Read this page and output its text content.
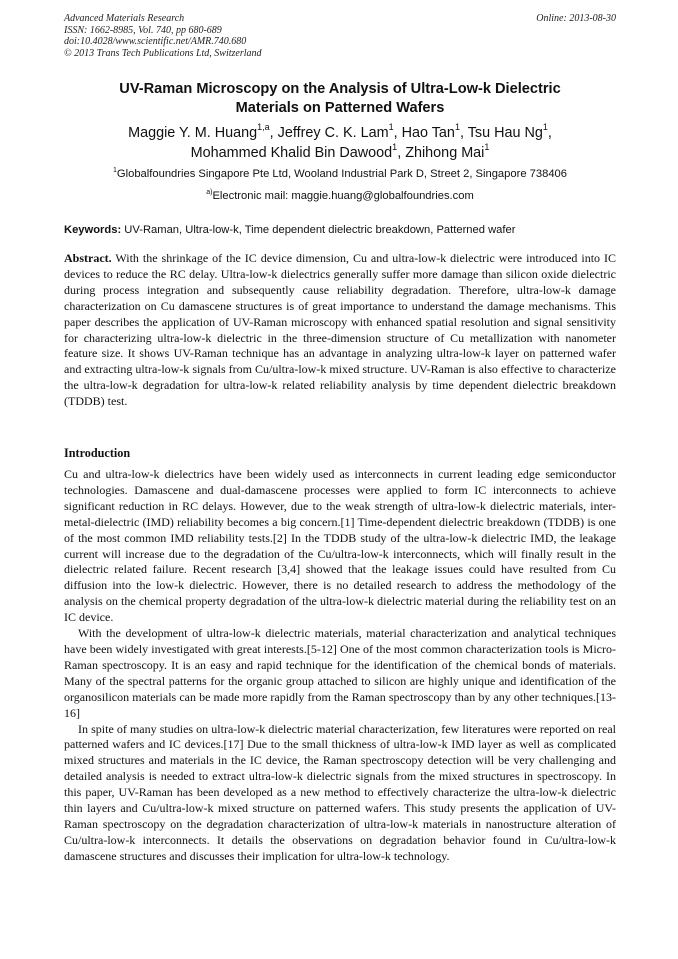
Advanced Materials Research
ISSN: 1662-8985, Vol. 740, pp 680-689
doi:10.4028/www.scientific.net/AMR.740.680
© 2013 Trans Tech Publications Ltd, Switzerland
Online: 2013-08-30
UV-Raman Microscopy on the Analysis of Ultra-Low-k Dielectric
Materials on Patterned Wafers
Maggie Y. M. Huang$^{1,a}$, Jeffrey C. K. Lam$^1$, Hao Tan$^1$, Tsu Hau Ng$^1$,
Mohammed Khalid Bin Dawood$^1$, Zhihong Mai$^1$
$^1$Globalfoundries Singapore Pte Ltd, Wooland Industrial Park D, Street 2, Singapore 738406
$^{a)}$Electronic mail: maggie.huang@globalfoundries.com
Keywords: UV-Raman, Ultra-low-k, Time dependent dielectric breakdown, Patterned wafer
Abstract. With the shrinkage of the IC device dimension, Cu and ultra-low-k dielectric were introduced into IC devices to reduce the RC delay. Ultra-low-k dielectrics generally suffer more damage than silicon oxide dielectric during process integration and subsequently cause reliability degradation. Therefore, ultra-low-k damage characterization on Cu damascene structures is of great importance to understand the damage mechanisms. This paper describes the application of UV-Raman microscopy with enhanced spatial resolution and signal sensitivity for characterizing ultra-low-k dielectric in the three-dimension structure of Cu metallization with nanometer feature size. It shows UV-Raman technique has an advantage in analyzing ultra-low-k layer on patterned wafer and extracting ultra-low-k signals from Cu/ultra-low-k mixed structure. UV-Raman is also effective to characterize the ultra-low-k degradation for ultra-low-k related reliability analysis by time dependent dielectric breakdown (TDDB) test.
Introduction

Cu and ultra-low-k dielectrics have been widely used as interconnects in current leading edge semiconductor technologies. Damascene and dual-damascene processes were applied to form IC interconnects to achieve significant reduction in RC delays. However, due to the weak strength of ultra-low-k dielectric materials, inter-metal-dielectric (IMD) reliability becomes a big concern.[1] Time-dependent dielectric breakdown (TDDB) is one of the most common IMD reliability tests.[2] In the TDDB study of the ultra-low-k dielectric IMD, the leakage current will increase due to the degradation of the Cu/ultra-low-k interconnects, which will finally result in the dielectric related failure. Recent research [3,4] showed that the leakage issues could have resulted from Cu diffusion into the low-k dielectric. However, there is no detailed research to address the methodology of the analysis on the chemical property degradation of the ultra-low-k dielectric material during the reliability test on an IC device.

With the development of ultra-low-k dielectric materials, material characterization and analytical techniques have been widely investigated with great interests.[5-12] One of the most common characterization tools is Micro-Raman spectroscopy. It is an easy and rapid technique for the identification of the chemical bonds of materials. Many of the spectral patterns for the organic group attached to silicon are highly unique and identification of the organosilicon materials can be made more rapidly from the Raman spectroscopy than by any other techniques.[13-16]

In spite of many studies on ultra-low-k dielectric material characterization, few literatures were reported on real patterned wafers and IC devices.[17] Due to the small thickness of ultra-low-k IMD layer as well as complicated mixed structures and materials in the IC device, the Raman spectroscopy detection will be very challenging and detailed analysis is needed to extract ultra-low-k dielectric signals from the mixed structures in spectroscopy. In this paper, UV-Raman has been developed as a new method to effectively characterize the ultra-low-k dielectric thin layers and Cu/ultra-low-k mixed structure on patterned wafers. This study presents the application of UV-Raman spectroscopy on the degradation characterization of ultra-low-k materials in nanostructure alteration of Cu/ultra-low-k interconnects. It details the observations on degradation behavior found in Cu/ultra-low-k damascene structures and discusses their implication for ultra-low-k technology.
